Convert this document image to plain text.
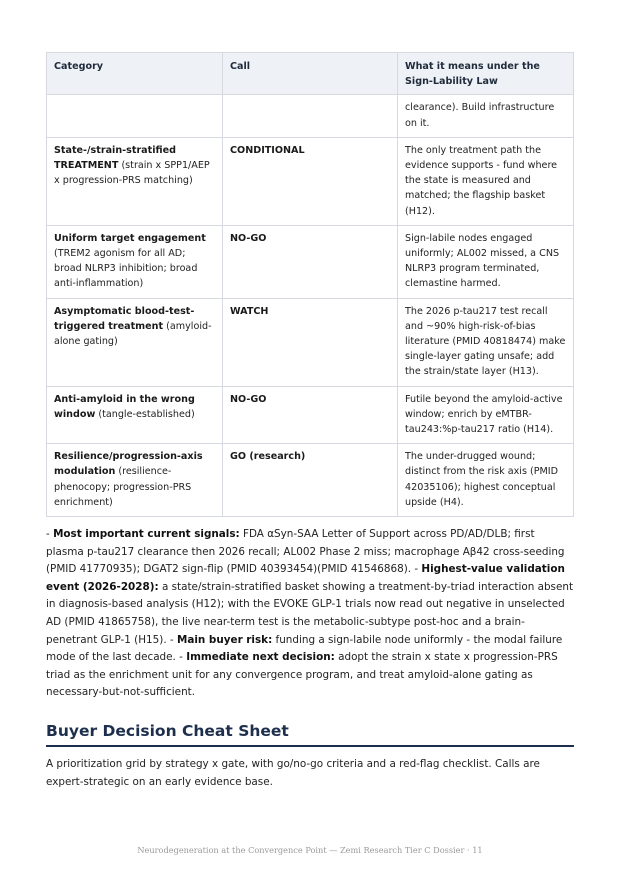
Category	Call	What it means under the Sign-Lability Law
		clearance). Build infrastructure on it.
State-/strain-stratified TREATMENT (strain x SPP1/AEP x progression-PRS matching)	CONDITIONAL	The only treatment path the evidence supports - fund where the state is measured and matched; the flagship basket (H12).
Uniform target engagement (TREM2 agonism for all AD; broad NLRP3 inhibition; broad anti-inflammation)	NO-GO	Sign-labile nodes engaged uniformly; AL002 missed, a CNS NLRP3 program terminated, clemastine harmed.
Asymptomatic blood-test-triggered treatment (amyloid-alone gating)	WATCH	The 2026 p-tau217 test recall and ~90% high-risk-of-bias literature (PMID 40818474) make single-layer gating unsafe; add the strain/state layer (H13).
Anti-amyloid in the wrong window (tangle-established)	NO-GO	Futile beyond the amyloid-active window; enrich by eMTBR-tau243:%p-tau217 ratio (H14).
Resilience/progression-axis modulation (resilience-phenocopy; progression-PRS enrichment)	GO (research)	The under-drugged wound; distinct from the risk axis (PMID 42035106); highest conceptual upside (H4).

- Most important current signals: FDA αSyn-SAA Letter of Support across PD/AD/DLB; first plasma p-tau217 clearance then 2026 recall; AL002 Phase 2 miss; macrophage Aβ42 cross-seeding (PMID 41770935); DGAT2 sign-flip (PMID 40393454)(PMID 41546868). - Highest-value validation event (2026-2028): a state/strain-stratified basket showing a treatment-by-triad interaction absent in diagnosis-based analysis (H12); with the EVOKE GLP-1 trials now read out negative in unselected AD (PMID 41865758), the live near-term test is the metabolic-subtype post-hoc and a brain-penetrant GLP-1 (H15). - Main buyer risk: funding a sign-labile node uniformly - the modal failure mode of the last decade. - Immediate next decision: adopt the strain x state x progression-PRS triad as the enrichment unit for any convergence program, and treat amyloid-alone gating as necessary-but-not-sufficient.

Buyer Decision Cheat Sheet

A prioritization grid by strategy x gate, with go/no-go criteria and a red-flag checklist. Calls are expert-strategic on an early evidence base.

Neurodegeneration at the Convergence Point — Zemi Research Tier C Dossier · 11
